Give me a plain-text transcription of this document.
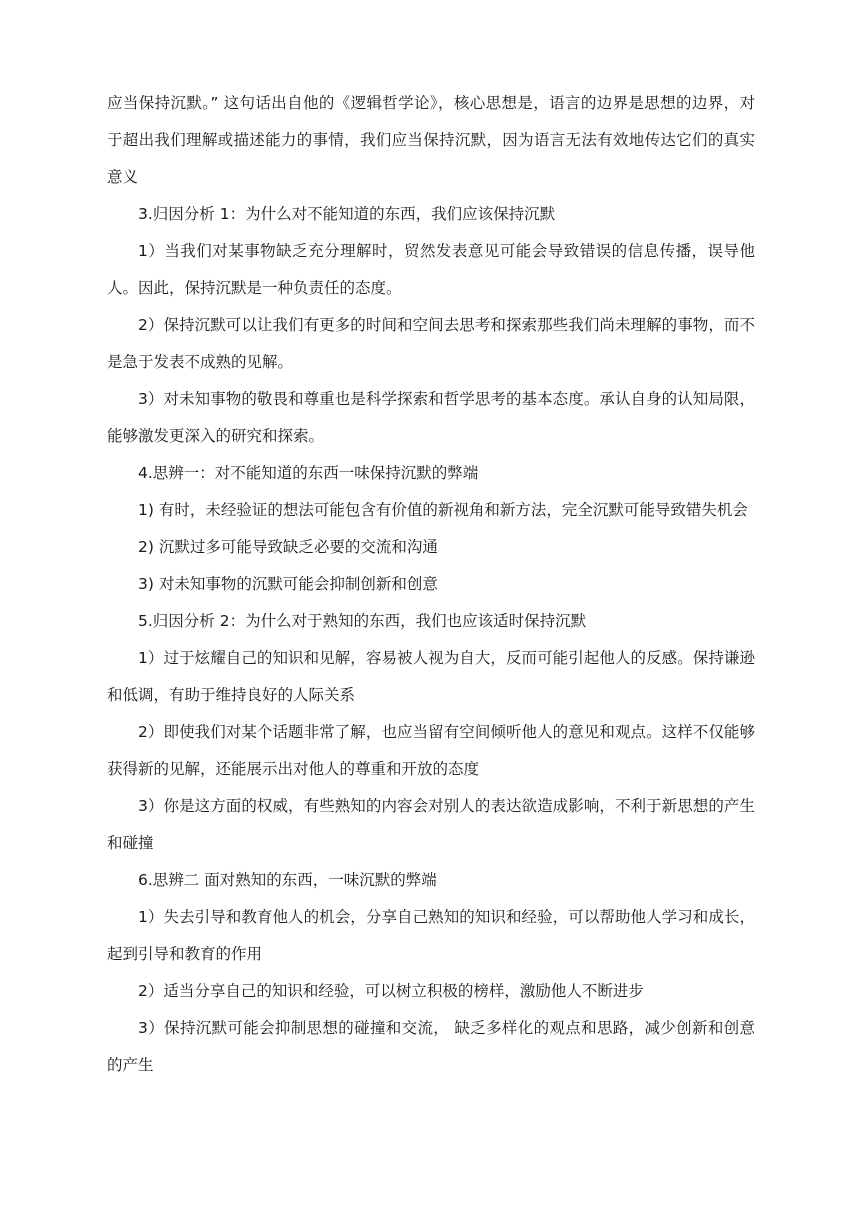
应当保持沉默。” 这句话出自他的《逻辑哲学论》，核心思想是，语言的边界是思想的边界，对于超出我们理解或描述能力的事情，我们应当保持沉默，因为语言无法有效地传达它们的真实意义

3.归因分析 1：为什么对不能知道的东西，我们应该保持沉默

1）当我们对某事物缺乏充分理解时，贸然发表意见可能会导致错误的信息传播，误导他人。因此，保持沉默是一种负责任的态度。

2）保持沉默可以让我们有更多的时间和空间去思考和探索那些我们尚未理解的事物，而不是急于发表不成熟的见解。

3）对未知事物的敬畏和尊重也是科学探索和哲学思考的基本态度。承认自身的认知局限，能够激发更深入的研究和探索。

4.思辨一：对不能知道的东西一味保持沉默的弊端

1) 有时，未经验证的想法可能包含有价值的新视角和新方法，完全沉默可能导致错失机会

2) 沉默过多可能导致缺乏必要的交流和沟通

3) 对未知事物的沉默可能会抑制创新和创意

5.归因分析 2：为什么对于熟知的东西，我们也应该适时保持沉默

1）过于炫耀自己的知识和见解，容易被人视为自大，反而可能引起他人的反感。保持谦逊和低调，有助于维持良好的人际关系

2）即使我们对某个话题非常了解，也应当留有空间倾听他人的意见和观点。这样不仅能够获得新的见解，还能展示出对他人的尊重和开放的态度

3）你是这方面的权威，有些熟知的内容会对别人的表达欲造成影响，不利于新思想的产生和碰撞

6.思辨二 面对熟知的东西，一味沉默的弊端

1）失去引导和教育他人的机会，分享自己熟知的知识和经验，可以帮助他人学习和成长，起到引导和教育的作用

2）适当分享自己的知识和经验，可以树立积极的榜样，激励他人不断进步

3）保持沉默可能会抑制思想的碰撞和交流， 缺乏多样化的观点和思路，减少创新和创意的产生
